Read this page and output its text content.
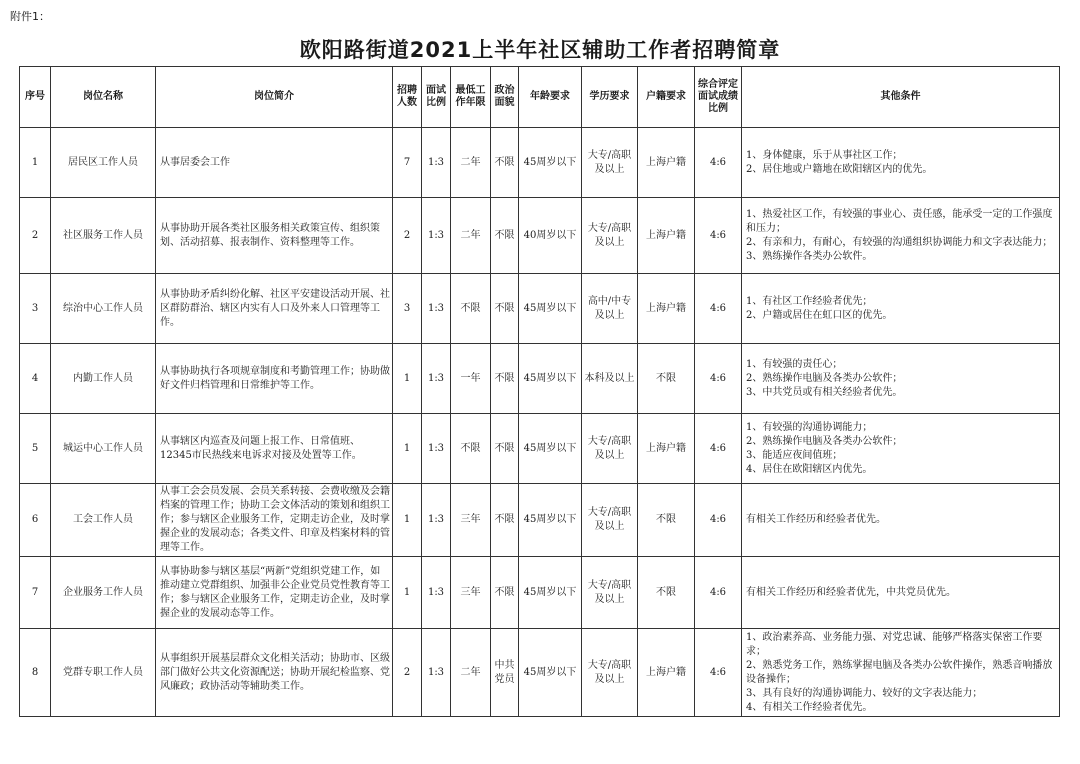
附件1：
欧阳路街道2021上半年社区辅助工作者招聘简章
序号	岗位名称	岗位简介	招聘人数	面试比例	最低工作年限	政治面貌	年龄要求	学历要求	户籍要求	综合评定面试成绩比例	其他条件
1	居民区工作人员	从事居委会工作	7	1:3	二年	不限	45周岁以下	大专/高职及以上	上海户籍	4:6	1、身体健康，乐于从事社区工作；
2、居住地或户籍地在欧阳辖区内的优先。

2	社区服务工作人员	从事协助开展各类社区服务相关政策宣传、组织策划、活动招募、报表制作、资料整理等工作。	2	1:3	二年	不限	40周岁以下	大专/高职及以上	上海户籍	4:6	1、热爱社区工作，有较强的事业心、责任感，能承受一定的工作强度和压力；
2、有亲和力，有耐心，有较强的沟通组织协调能力和文字表达能力；
3、熟练操作各类办公软件。

3	综治中心工作人员	从事协助矛盾纠纷化解、社区平安建设活动开展、社区群防群治、辖区内实有人口及外来人口管理等工作。	3	1:3	不限	不限	45周岁以下	高中/中专及以上	上海户籍	4:6	1、有社区工作经验者优先；
2、户籍或居住在虹口区的优先。

4	内勤工作人员	从事协助执行各项规章制度和考勤管理工作；协助做好文件归档管理和日常维护等工作。	1	1:3	一年	不限	45周岁以下	本科及以上	不限	4:6	1、有较强的责任心；
2、熟练操作电脑及各类办公软件；
3、中共党员或有相关经验者优先。

5	城运中心工作人员	从事辖区内巡查及问题上报工作、日常值班、12345市民热线来电诉求对接及处置等工作。	1	1:3	不限	不限	45周岁以下	大专/高职及以上	上海户籍	4:6	1、有较强的沟通协调能力；
2、熟练操作电脑及各类办公软件；
3、能适应夜间值班；
4、居住在欧阳辖区内优先。

6	工会工作人员	从事工会会员发展、会员关系转接、会费收缴及会籍档案的管理工作；协助工会文体活动的策划和组织工作；参与辖区企业服务工作，定期走访企业，及时掌握企业的发展动态；各类文件、印章及档案材料的管理等工作。	1	1:3	三年	不限	45周岁以下	大专/高职及以上	不限	4:6	有相关工作经历和经验者优先。

7	企业服务工作人员	从事协助参与辖区基层“两新”党组织党建工作，如推动建立党群组织、加强非公企业党员党性教育等工作；参与辖区企业服务工作，定期走访企业，及时掌握企业的发展动态等工作。	1	1:3	三年	不限	45周岁以下	大专/高职及以上	不限	4:6	有相关工作经历和经验者优先，中共党员优先。

8	党群专职工作人员	从事组织开展基层群众文化相关活动；协助市、区级部门做好公共文化资源配送；协助开展纪检监察、党风廉政；政协活动等辅助类工作。	2	1:3	二年	中共党员	45周岁以下	大专/高职及以上	上海户籍	4:6	1、政治素养高、业务能力强、对党忠诚、能够严格落实保密工作要求；
2、熟悉党务工作，熟练掌握电脑及各类办公软件操作，熟悉音响播放设备操作；
3、具有良好的沟通协调能力、较好的文字表达能力；
4、有相关工作经验者优先。
